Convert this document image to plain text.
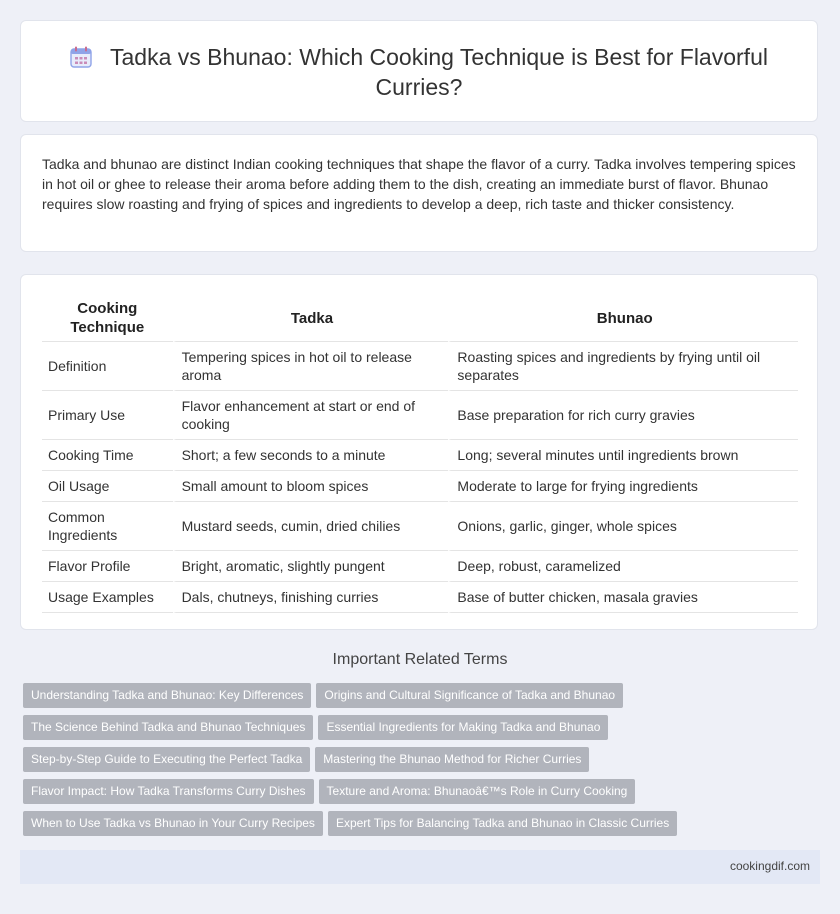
Tadka vs Bhunao: Which Cooking Technique is Best for Flavorful Curries?

Tadka and bhunao are distinct Indian cooking techniques that shape the flavor of a curry. Tadka involves tempering spices in hot oil or ghee to release their aroma before adding them to the dish, creating an immediate burst of flavor. Bhunao requires slow roasting and frying of spices and ingredients to develop a deep, rich taste and thicker consistency.

Cooking Technique	Tadka	Bhunao
Definition	Tempering spices in hot oil to release aroma	Roasting spices and ingredients by frying until oil separates
Primary Use	Flavor enhancement at start or end of cooking	Base preparation for rich curry gravies
Cooking Time	Short; a few seconds to a minute	Long; several minutes until ingredients brown
Oil Usage	Small amount to bloom spices	Moderate to large for frying ingredients
Common Ingredients	Mustard seeds, cumin, dried chilies	Onions, garlic, ginger, whole spices
Flavor Profile	Bright, aromatic, slightly pungent	Deep, robust, caramelized
Usage Examples	Dals, chutneys, finishing curries	Base of butter chicken, masala gravies
Important Related Terms
Understanding Tadka and Bhunao: Key Differences Origins and Cultural Significance of Tadka and Bhunao
The Science Behind Tadka and Bhunao Techniques Essential Ingredients for Making Tadka and Bhunao
Step-by-Step Guide to Executing the Perfect Tadka Mastering the Bhunao Method for Richer Curries
Flavor Impact: How Tadka Transforms Curry Dishes Texture and Aroma: Bhunaoâ€™s Role in Curry Cooking
When to Use Tadka vs Bhunao in Your Curry Recipes Expert Tips for Balancing Tadka and Bhunao in Classic Curries
cookingdif.com
